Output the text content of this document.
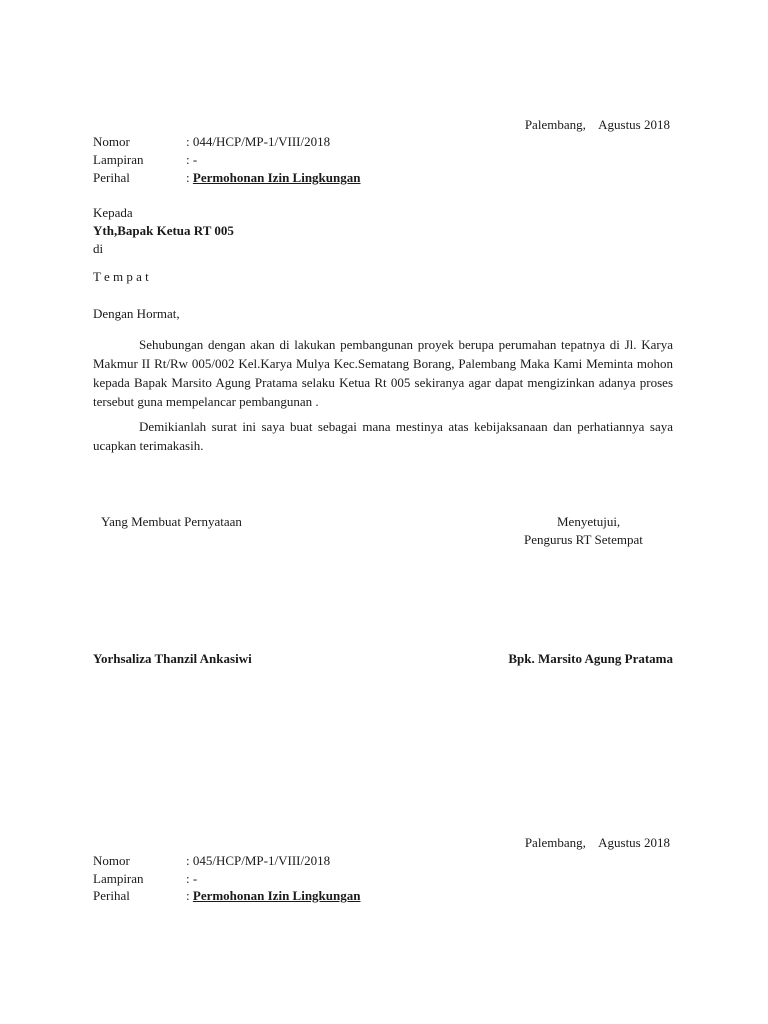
Palembang,    Agustus 2018
Nomor	: 044/HCP/MP-1/VIII/2018
Lampiran	: -
Perihal	: Permohonan Izin Lingkungan
Kepada
Yth,Bapak Ketua RT 005
di
T e m p a t
Dengan Hormat,

Sehubungan dengan akan di lakukan pembangunan proyek berupa perumahan tepatnya di Jl. Karya Makmur II Rt/Rw 005/002 Kel.Karya Mulya Kec.Sematang Borang, Palembang Maka Kami Meminta mohon kepada Bapak Marsito Agung Pratama selaku Ketua Rt 005 sekiranya agar dapat mengizinkan adanya proses tersebut guna mempelancar pembangunan .

Demikianlah surat ini saya buat sebagai mana mestinya atas kebijaksanaan dan perhatiannya saya ucapkan terimakasih.

Yang Membuat Pernyataan	Menyetujui,
Pengurus RT Setempat
Yorhsaliza Thanzil Ankasiwi	Bpk. Marsito Agung Pratama
Palembang,    Agustus 2018
Nomor	: 045/HCP/MP-1/VIII/2018
Lampiran	: -
Perihal	: Permohonan Izin Lingkungan
